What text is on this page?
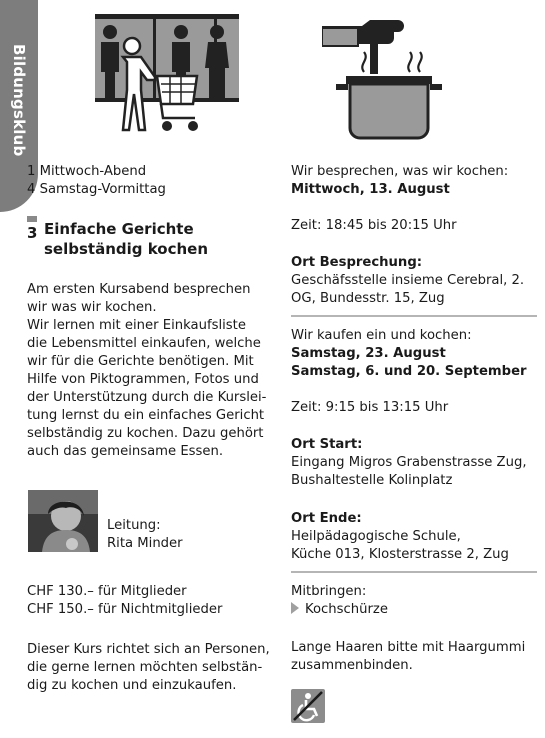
Bildungsklub

1 Mittwoch-Abend

4 Samstag-Vormittag

3 Einfache Gerichte
selbständig kochen

Am ersten Kursabend besprechen

wir was wir kochen.

Wir lernen mit einer Einkaufsliste

die Lebensmittel einkaufen, welche

wir für die Gerichte benötigen. Mit

Hilfe von Piktogrammen, Fotos und

der Unterstützung durch die Kurslei-

tung lernst du ein einfaches Gericht

selbständig zu kochen. Dazu gehört

auch das gemeinsame Essen.

Leitung:

Rita Minder

CHF 130.– für Mitglieder

CHF 150.– für Nichtmitglieder

Dieser Kurs richtet sich an Personen,

die gerne lernen möchten selbstän-

dig zu kochen und einzukaufen.

Wir besprechen, was wir kochen:

Mittwoch, 13. August

Zeit: 18:45 bis 20:15 Uhr

Ort Besprechung:

Geschäfsstelle insieme Cerebral, 2.

OG, Bundesstr. 15, Zug

Wir kaufen ein und kochen:

Samstag, 23. August

Samstag, 6. und 20. September

Zeit: 9:15 bis 13:15 Uhr

Ort Start:

Eingang Migros Grabenstrasse Zug,

Bushaltestelle Kolinplatz

Ort Ende:

Heilpädagogische Schule,

Küche 013, Klosterstrasse 2, Zug

Mitbringen:

Kochschürze

Lange Haaren bitte mit Haargummi

zusammenbinden.
